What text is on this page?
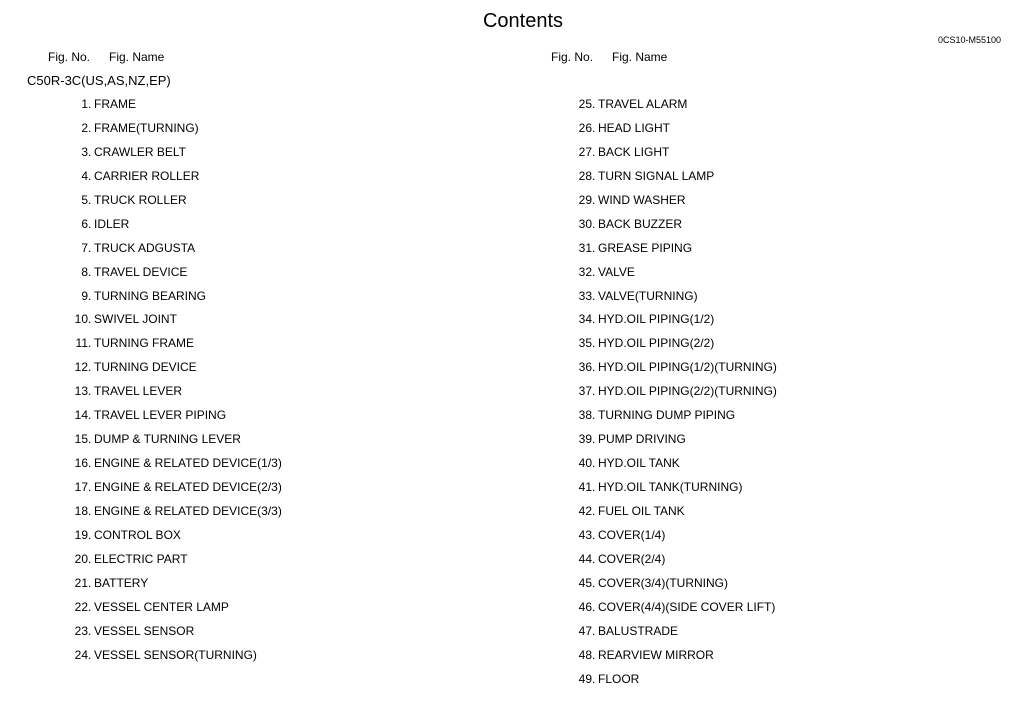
Contents
0CS10-M55100
Fig. No. Fig. Name	Fig. No. Fig. Name
C50R-3C(US,AS,NZ,EP)
1 . FRAME
2 . FRAME(TURNING)
3 . CRAWLER BELT
4 . CARRIER ROLLER
5 . TRUCK ROLLER
6 . IDLER
7 . TRUCK ADGUSTA
8 . TRAVEL DEVICE
9 . TURNING BEARING
10 . SWIVEL JOINT
11 . TURNING FRAME
12 . TURNING DEVICE
13 . TRAVEL LEVER
14 . TRAVEL LEVER PIPING
15 . DUMP & TURNING LEVER
16 . ENGINE & RELATED DEVICE(1/3)
17 . ENGINE & RELATED DEVICE(2/3)
18 . ENGINE & RELATED DEVICE(3/3)
19 . CONTROL BOX
20 . ELECTRIC PART
21 . BATTERY
22 . VESSEL CENTER LAMP
23 . VESSEL SENSOR
24 . VESSEL SENSOR(TURNING)
25 . TRAVEL ALARM
26 . HEAD LIGHT
27 . BACK LIGHT
28 . TURN SIGNAL LAMP
29 . WIND WASHER
30 . BACK BUZZER
31 . GREASE PIPING
32 . VALVE
33 . VALVE(TURNING)
34 . HYD.OIL PIPING(1/2)
35 . HYD.OIL PIPING(2/2)
36 . HYD.OIL PIPING(1/2)(TURNING)
37 . HYD.OIL PIPING(2/2)(TURNING)
38 . TURNING DUMP PIPING
39 . PUMP DRIVING
40 . HYD.OIL TANK
41 . HYD.OIL TANK(TURNING)
42 . FUEL OIL TANK
43 . COVER(1/4)
44 . COVER(2/4)
45 . COVER(3/4)(TURNING)
46 . COVER(4/4)(SIDE COVER LIFT)
47 . BALUSTRADE
48 . REARVIEW MIRROR
49 . FLOOR
